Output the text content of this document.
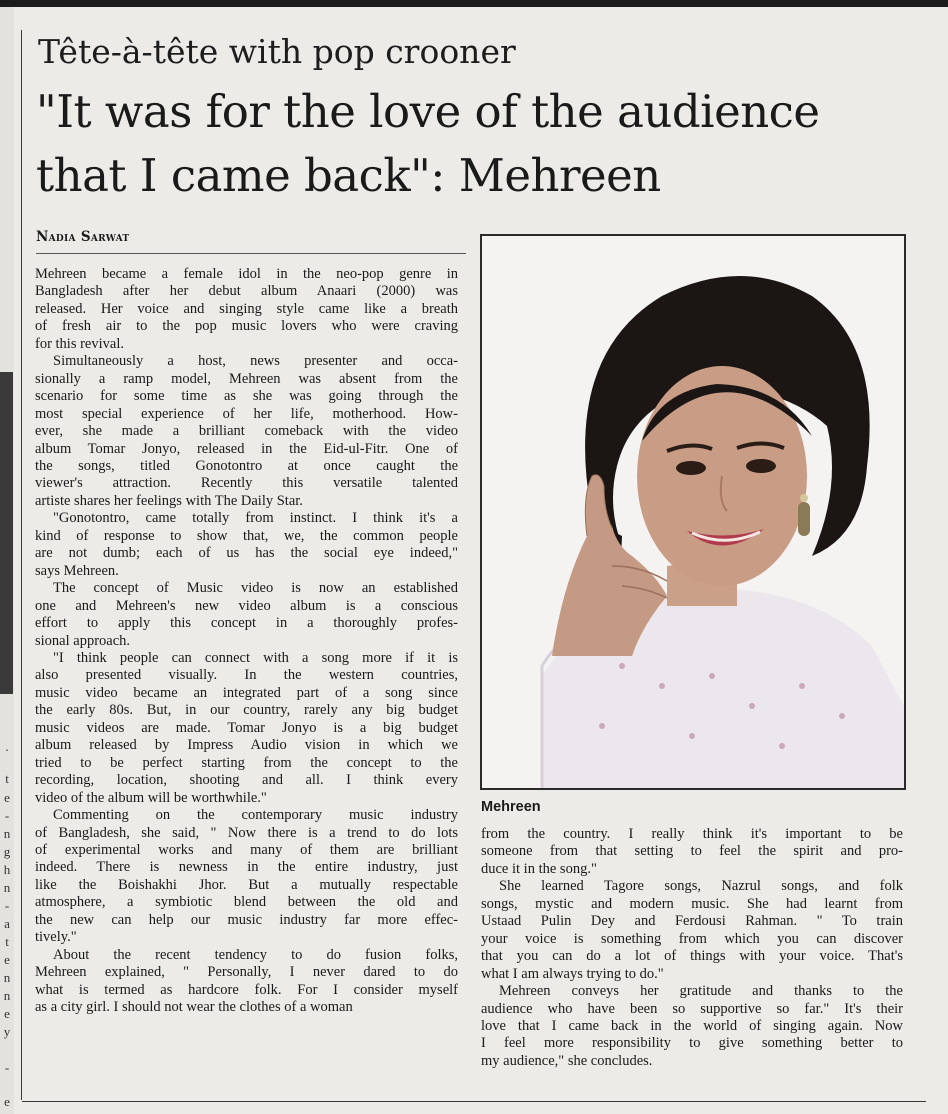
.
t
e
-
n
g
h
n
-
a
t
e
n
n
e
y
-
e
Tête-à-tête with pop crooner
"It was for the love of the audience
that I came back": Mehreen
Nadia Sarwat
Mehreen became a female idol in the neo-pop genre in
Bangladesh after her debut album Anaari (2000) was
released. Her voice and singing style came like a breath
of fresh air to the pop music lovers who were craving
for this revival.
Simultaneously a host, news presenter and occa-
sionally a ramp model, Mehreen was absent from the
scenario for some time as she was going through the
most special experience of her life, motherhood. How-
ever, she made a brilliant comeback with the video
album Tomar Jonyo, released in the Eid-ul-Fitr. One of
the songs, titled Gonotontro at once caught the
viewer's attraction. Recently this versatile talented
artiste shares her feelings with The Daily Star.
"Gonotontro, came totally from instinct. I think it's a
kind of response to show that, we, the common people
are not dumb; each of us has the social eye indeed,"
says Mehreen.
The concept of Music video is now an established
one and Mehreen's new video album is a conscious
effort to apply this concept in a thoroughly profes-
sional approach.
"I think people can connect with a song more if it is
also presented visually. In the western countries,
music video became an integrated part of a song since
the early 80s. But, in our country, rarely any big budget
music videos are made. Tomar Jonyo is a big budget
album released by Impress Audio vision in which we
tried to be perfect starting from the concept to the
recording, location, shooting and all. I think every
video of the album will be worthwhile."
Commenting on the contemporary music industry
of Bangladesh, she said, " Now there is a trend to do lots
of experimental works and many of them are brilliant
indeed. There is newness in the entire industry, just
like the Boishakhi Jhor. But a mutually respectable
atmosphere, a symbiotic blend between the old and
the new can help our music industry far more effec-
tively."
About the recent tendency to do fusion folks,
Mehreen explained, " Personally, I never dared to do
what is termed as hardcore folk. For I consider myself
as a city girl. I should not wear the clothes of a woman
Mehreen
from the country. I really think it's important to be
someone from that setting to feel the spirit and pro-
duce it in the song."
She learned Tagore songs, Nazrul songs, and folk
songs, mystic and modern music. She had learnt from
Ustaad Pulin Dey and Ferdousi Rahman. " To train
your voice is something from which you can discover
that you can do a lot of things with your voice. That's
what I am always trying to do."
Mehreen conveys her gratitude and thanks to the
audience who have been so supportive so far." It's their
love that I came back in the world of singing again. Now
I feel more responsibility to give something better to
my audience," she concludes.
